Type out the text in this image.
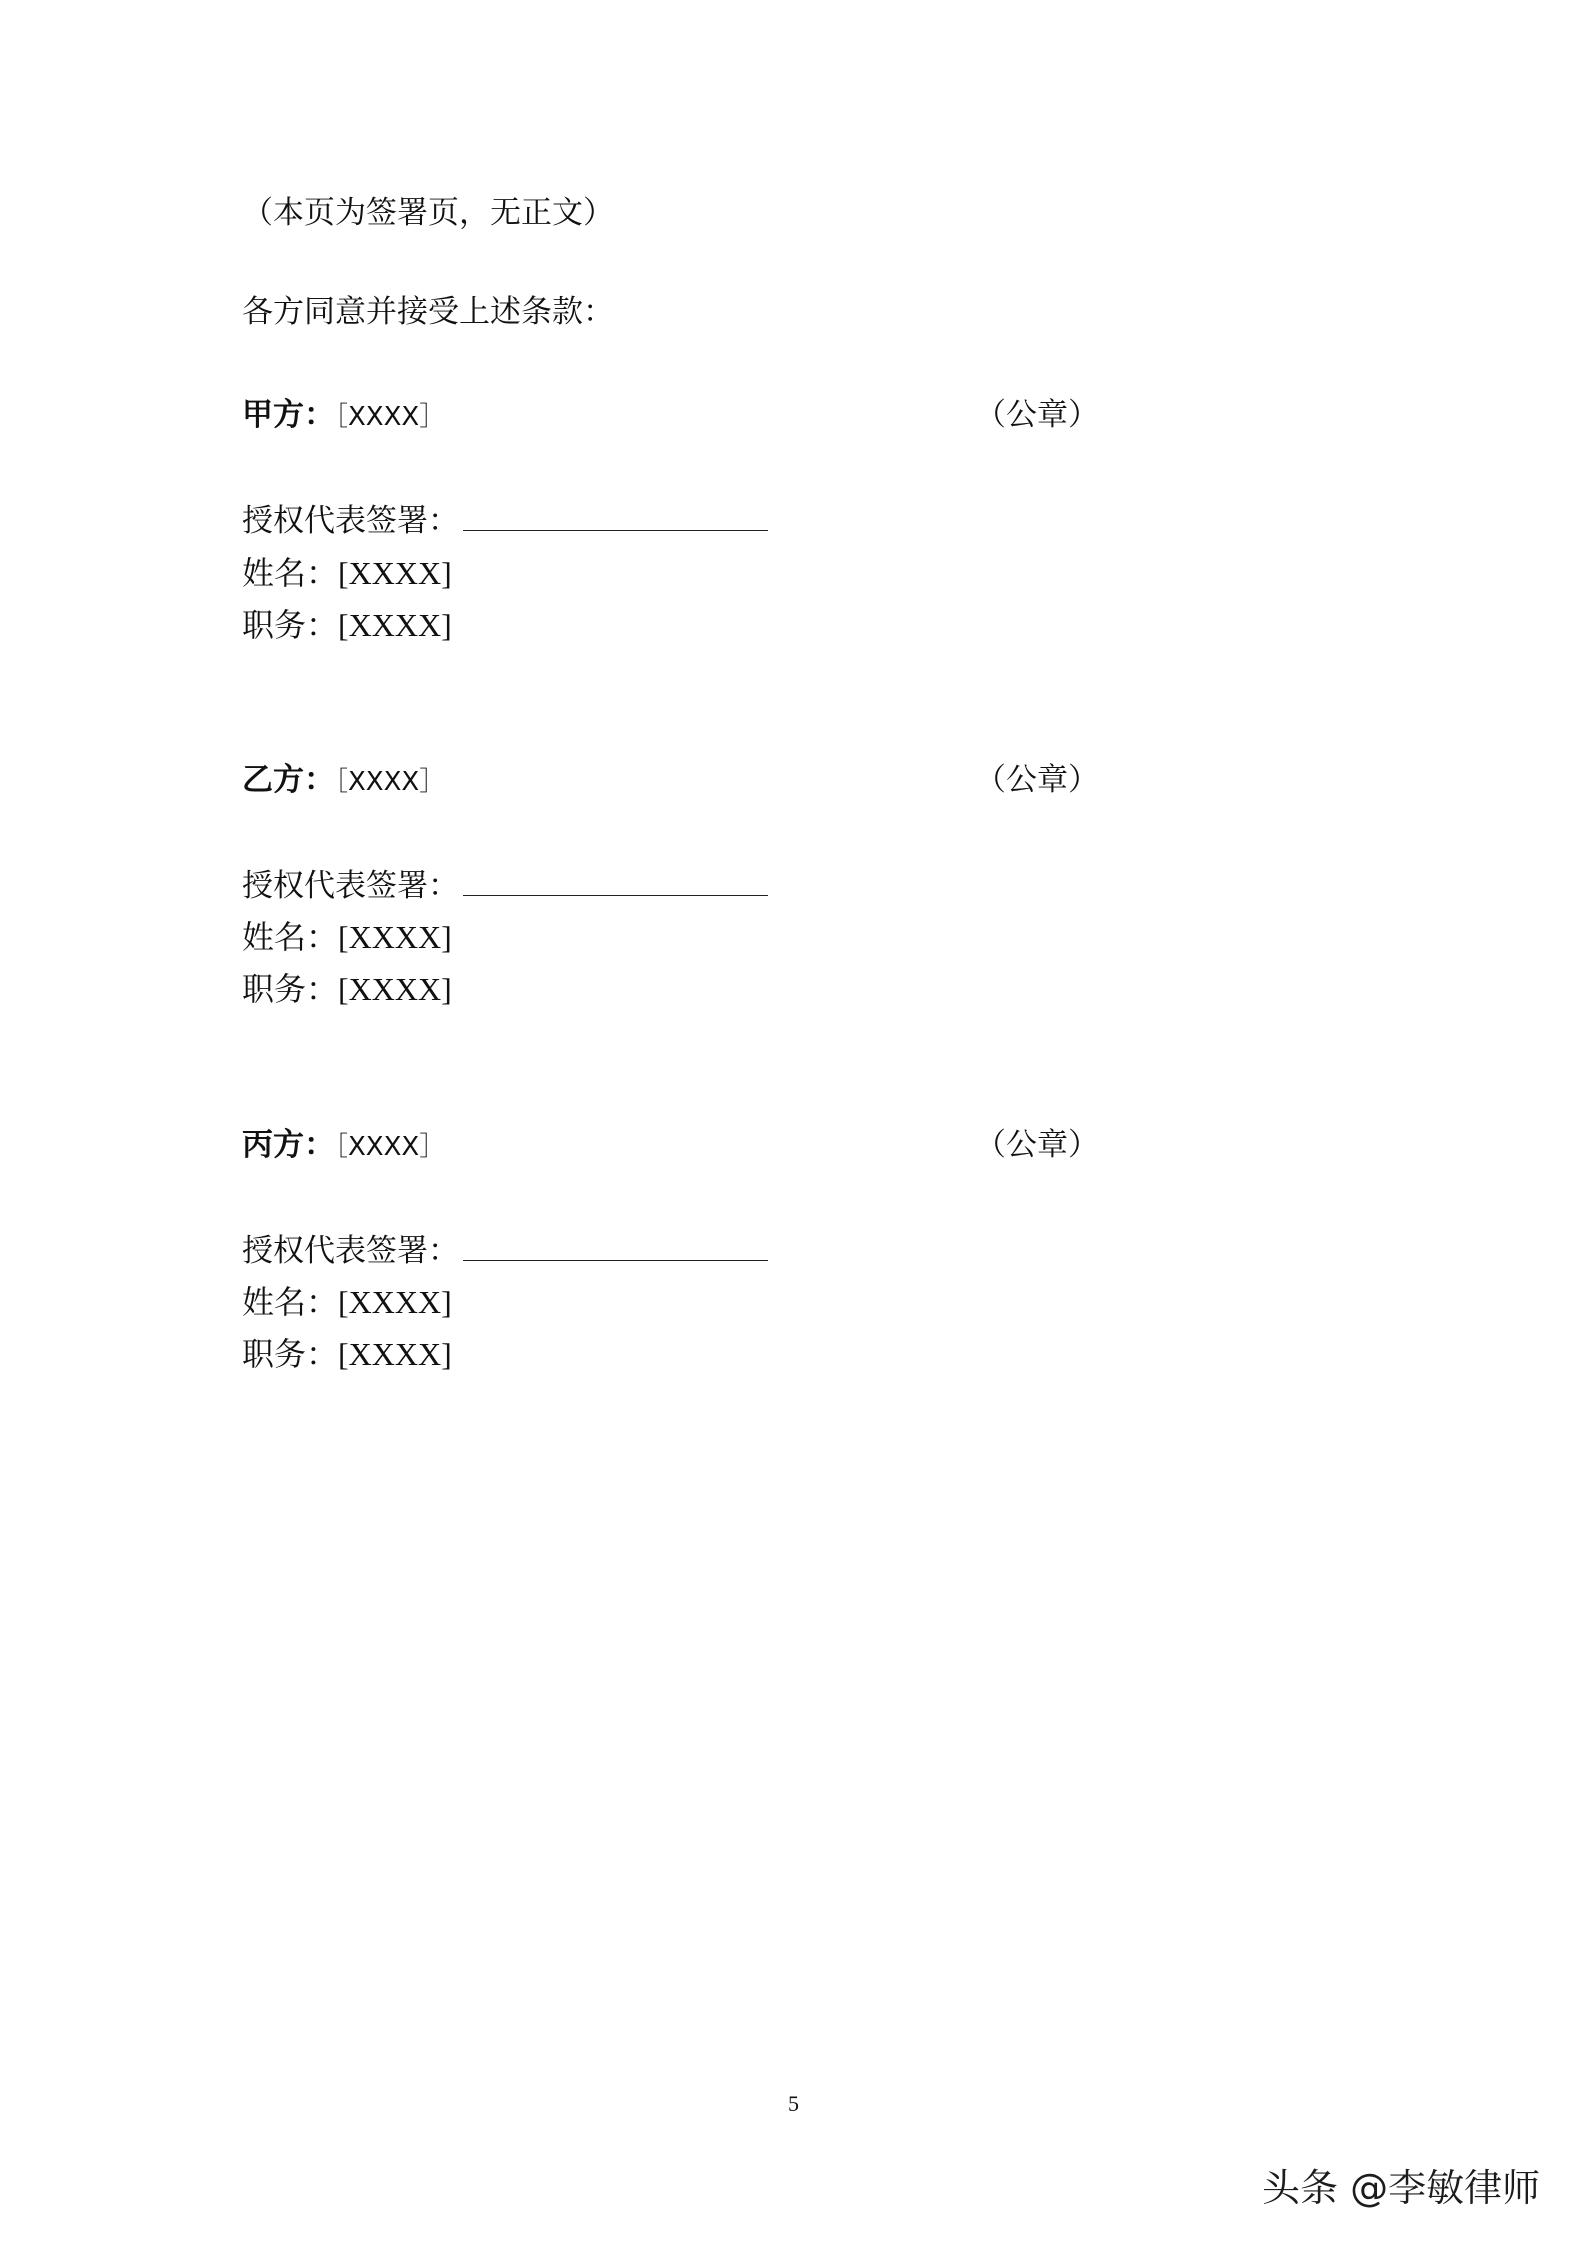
（本页为签署页，无正文）
各方同意并接受上述条款：
甲方：［XXXX］	（公章）
授权代表签署：
姓名：[XXXX]
职务：[XXXX]
乙方：［XXXX］	（公章）
授权代表签署：
姓名：[XXXX]
职务：[XXXX]
丙方：［XXXX］	（公章）
授权代表签署：
姓名：[XXXX]
职务：[XXXX]
5
头条 @李敏律师
